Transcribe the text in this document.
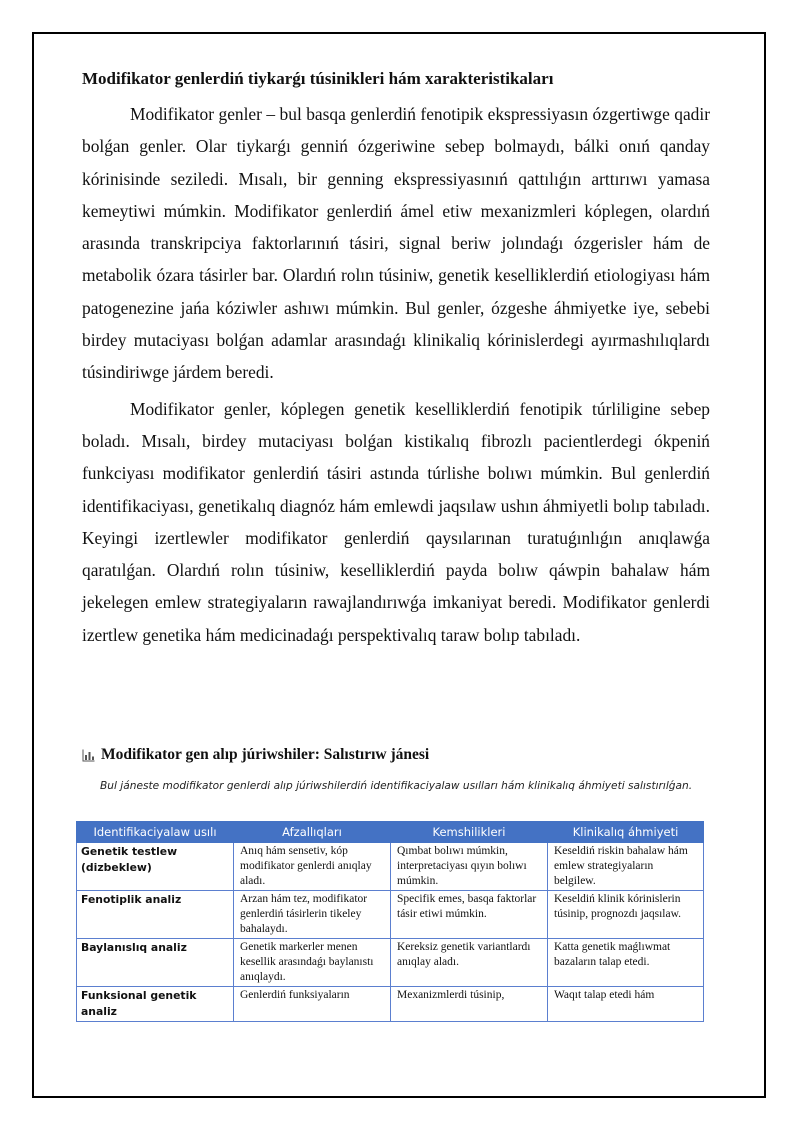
Modifikator genlerdiń tiykarǵı túsinikleri hám xarakteristikaları

Modifikator genler – bul basqa genlerdiń fenotipik ekspressiyasın ózgertiwge qadir bolǵan genler. Olar tiykarǵı genniń ózgeriwine sebep bolmaydı, bálki onıń qanday kórinisinde seziledi. Mısalı, bir genning ekspressiyasınıń qattılıǵın arttırıwı yamasa kemeytiwi múmkin. Modifikator genlerdiń ámel etiw mexanizmleri kóplegen, olardıń arasında transkripciya faktorlarınıń tásiri, signal beriw jolındaǵı ózgerisler hám de metabolik ózara tásirler bar. Olardıń rolın túsiniw, genetik keselliklerdiń etiologiyası hám patogenezine jańa kóziwler ashıwı múmkin. Bul genler, ózgeshe áhmiyetke iye, sebebi birdey mutaciyası bolǵan adamlar arasındaǵı klinikaliq kórinislerdegi ayırmashılıqlardı túsindiriwge járdem beredi.

Modifikator genler, kóplegen genetik keselliklerdiń fenotipik túrliligine sebep boladı. Mısalı, birdey mutaciyası bolǵan kistikalıq fibrozlı pacientlerdegi ókpeniń funkciyası modifikator genlerdiń tásiri astında túrlishe bolıwı múmkin. Bul genlerdiń identifikaciyası, genetikalıq diagnóz hám emlewdi jaqsılaw ushın áhmiyetli bolıp tabıladı. Keyingi izertlewler modifikator genlerdiń qaysılarınan turatuǵınlıǵın anıqlawǵa qaratılǵan. Olardıń rolın túsiniw, keselliklerdiń payda bolıw qáwpin bahalaw hám jekelegen emlew strategiyaların rawajlandırıwǵa imkaniyat beredi. Modifikator genlerdi izertlew genetika hám medicinadaǵı perspektivalıq taraw bolıp tabıladı.

Modifikator gen alıp júriwshiler: Salıstırıw jánesi
Bul jáneste modifikator genlerdi alıp júriwshilerdiń identifikaciyalaw usılları hám klinikalıq áhmiyeti salıstırılǵan.
Identifikaciyalaw usılı	Afzallıqları	Kemshilikleri	Klinikalıq áhmiyeti
Genetik testlew (dizbeklew)	Anıq hám sensetiv, kóp modifikator genlerdi anıqlay aladı.	Qımbat bolıwı múmkin, interpretaciyası qıyın bolıwı múmkin.	Keseldiń riskin bahalaw hám emlew strategiyaların belgilew.
Fenotiplik analiz	Arzan hám tez, modifikator genlerdiń tásirlerin tikeley bahalaydı.	Specifik emes, basqa faktorlar tásir etiwi múmkin.	Keseldiń klinik kórinislerin túsinip, prognozdı jaqsılaw.
Baylanıslıq analiz	Genetik markerler menen kesellik arasındaǵı baylanıstı anıqlaydı.	Kereksiz genetik variantlardı anıqlay aladı.	Katta genetik maǵlıwmat bazaların talap etedi.
Funksional genetik analiz	Genlerdiń funksiyaların	Mexanizmlerdi túsinip,	Waqıt talap etedi hám
